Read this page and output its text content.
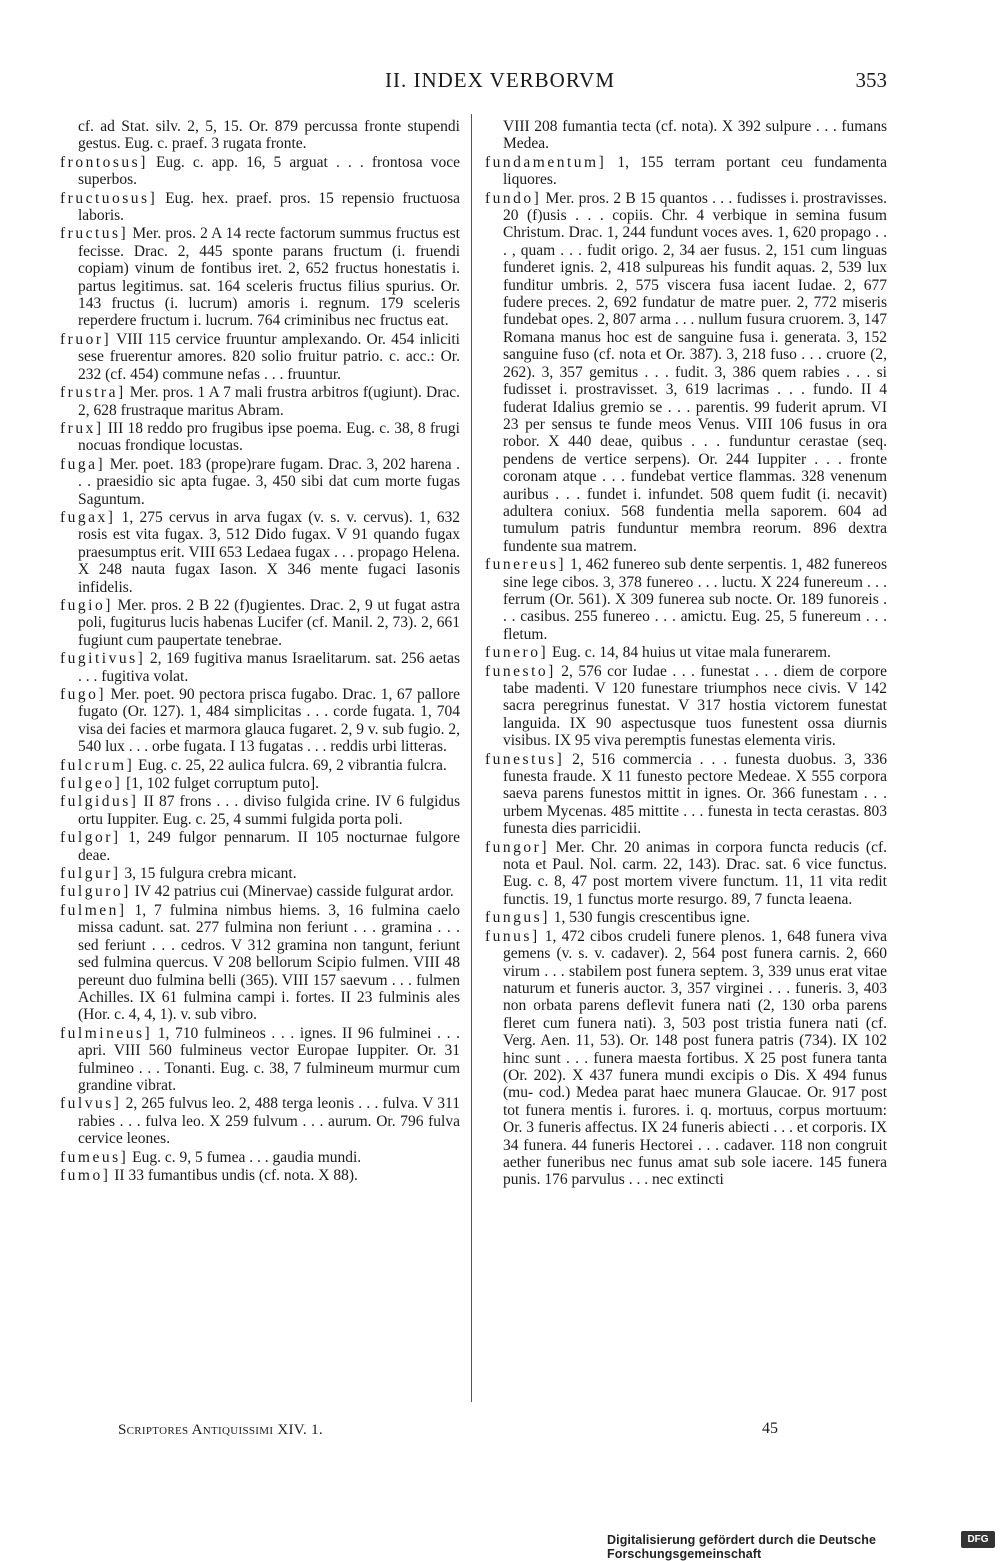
II. INDEX VERBORVM	353

cf. ad Stat. silv. 2, 5, 15. Or. 879 percussa fronte stupendi gestus. Eug. c. praef. 3 rugata fronte.

frontosus] Eug. c. app. 16, 5 arguat . . . frontosa voce superbos.

fructuosus] Eug. hex. praef. pros. 15 repensio fructuosa laboris.

fructus] Mer. pros. 2 A 14 recte factorum summus fructus est fecisse. Drac. 2, 445 sponte parans fructum (i. fruendi copiam) vinum de fontibus iret. 2, 652 fructus honestatis i. partus legitimus. sat. 164 sceleris fructus filius spurius. Or. 143 fructus (i. lucrum) amoris i. regnum. 179 sceleris reperdere fructum i. lucrum. 764 criminibus nec fructus eat.

fruor] VIII 115 cervice fruuntur amplexando. Or. 454 inliciti sese fruerentur amores. 820 solio fruitur patrio. c. acc.: Or. 232 (cf. 454) commune nefas . . . fruuntur.

frustra] Mer. pros. 1 A 7 mali frustra arbitros f(ugiunt). Drac. 2, 628 frustraque maritus Abram.

frux] III 18 reddo pro frugibus ipse poema. Eug. c. 38, 8 frugi nocuas frondique locustas.

fuga] Mer. poet. 183 (prope)rare fugam. Drac. 3, 202 harena . . . praesidio sic apta fugae. 3, 450 sibi dat cum morte fugas Saguntum.

fugax] 1, 275 cervus in arva fugax (v. s. v. cervus). 1, 632 rosis est vita fugax. 3, 512 Dido fugax. V 91 quando fugax praesumptus erit. VIII 653 Ledaea fugax . . . propago Helena. X 248 nauta fugax Iason. X 346 mente fugaci Iasonis infidelis.

fugio] Mer. pros. 2 B 22 (f)ugientes. Drac. 2, 9 ut fugat astra poli, fugiturus lucis habenas Lucifer (cf. Manil. 2, 73). 2, 661 fugiunt cum paupertate tenebrae.

fugitivus] 2, 169 fugitiva manus Israelitarum. sat. 256 aetas . . . fugitiva volat.

fugo] Mer. poet. 90 pectora prisca fugabo. Drac. 1, 67 pallore fugato (Or. 127). 1, 484 simplicitas . . . corde fugata. 1, 704 visa dei facies et marmora glauca fugaret. 2, 9 v. sub fugio. 2, 540 lux . . . orbe fugata. I 13 fugatas . . . reddis urbi litteras.

fulcrum] Eug. c. 25, 22 aulica fulcra. 69, 2 vibrantia fulcra.

fulgeo] [1, 102 fulget corruptum puto].

fulgidus] II 87 frons . . . diviso fulgida crine. IV 6 fulgidus ortu Iuppiter. Eug. c. 25, 4 summi fulgida porta poli.

fulgor] 1, 249 fulgor pennarum. II 105 nocturnae fulgore deae.

fulgur] 3, 15 fulgura crebra micant.

fulguro] IV 42 patrius cui (Minervae) casside fulgurat ardor.

fulmen] 1, 7 fulmina nimbus hiems. 3, 16 fulmina caelo missa cadunt. sat. 277 fulmina non feriunt . . . gramina . . . sed feriunt . . . cedros. V 312 gramina non tangunt, feriunt sed fulmina quercus. V 208 bellorum Scipio fulmen. VIII 48 pereunt duo fulmina belli (365). VIII 157 saevum . . . fulmen Achilles. IX 61 fulmina campi i. fortes. II 23 fulminis ales (Hor. c. 4, 4, 1). v. sub vibro.

fulmineus] 1, 710 fulmineos . . . ignes. II 96 fulminei . . . apri. VIII 560 fulmineus vector Europae Iuppiter. Or. 31 fulmineo . . . Tonanti. Eug. c. 38, 7 fulmineum murmur cum grandine vibrat.

fulvus] 2, 265 fulvus leo. 2, 488 terga leonis . . . fulva. V 311 rabies . . . fulva leo. X 259 fulvum . . . aurum. Or. 796 fulva cervice leones.

fumeus] Eug. c. 9, 5 fumea . . . gaudia mundi.

fumo] II 33 fumantibus undis (cf. nota. X 88).

VIII 208 fumantia tecta (cf. nota). X 392 sulpure . . . fumans Medea.

fundamentum] 1, 155 terram portant ceu fundamenta liquores.

fundo] Mer. pros. 2 B 15 quantos . . . fudisses i. prostravisses. 20 (f)usis . . . copiis. Chr. 4 verbique in semina fusum Christum. Drac. 1, 244 fundunt voces aves. 1, 620 propago . . . , quam . . . fudit origo. 2, 34 aer fusus. 2, 151 cum linguas funderet ignis. 2, 418 sulpureas his fundit aquas. 2, 539 lux funditur umbris. 2, 575 viscera fusa iacent Iudae. 2, 677 fudere preces. 2, 692 fundatur de matre puer. 2, 772 miseris fundebat opes. 2, 807 arma . . . nullum fusura cruorem. 3, 147 Romana manus hoc est de sanguine fusa i. generata. 3, 152 sanguine fuso (cf. nota et Or. 387). 3, 218 fuso . . . cruore (2, 262). 3, 357 gemitus . . . fudit. 3, 386 quem rabies . . . si fudisset i. prostravisset. 3, 619 lacrimas . . . fundo. II 4 fuderat Idalius gremio se . . . parentis. 99 fuderit aprum. VI 23 per sensus te funde meos Venus. VIII 106 fusus in ora robor. X 440 deae, quibus . . . funduntur cerastae (seq. pendens de vertice serpens). Or. 244 Iuppiter . . . fronte coronam atque . . . fundebat vertice flammas. 328 venenum auribus . . . fundet i. infundet. 508 quem fudit (i. necavit) adultera coniux. 568 fundentia mella saporem. 604 ad tumulum patris funduntur membra reorum. 896 dextra fundente sua matrem.

funereus] 1, 462 funereo sub dente serpentis. 1, 482 funereos sine lege cibos. 3, 378 funereo . . . luctu. X 224 funereum . . . ferrum (Or. 561). X 309 funerea sub nocte. Or. 189 funoreis . . . casibus. 255 funereo . . . amictu. Eug. 25, 5 funereum . . . fletum.

funero] Eug. c. 14, 84 huius ut vitae mala funerarem.

funesto] 2, 576 cor Iudae . . . funestat . . . diem de corpore tabe madenti. V 120 funestare triumphos nece civis. V 142 sacra peregrinus funestat. V 317 hostia victorem funestat languida. IX 90 aspectusque tuos funestent ossa diurnis visibus. IX 95 viva peremptis funestas elementa viris.

funestus] 2, 516 commercia . . . funesta duobus. 3, 336 funesta fraude. X 11 funesto pectore Medeae. X 555 corpora saeva parens funestos mittit in ignes. Or. 366 funestam . . . urbem Mycenas. 485 mittite . . . funesta in tecta cerastas. 803 funesta dies parricidii.

fungor] Mer. Chr. 20 animas in corpora functa reducis (cf. nota et Paul. Nol. carm. 22, 143). Drac. sat. 6 vice functus. Eug. c. 8, 47 post mortem vivere functum. 11, 11 vita redit functis. 19, 1 functus morte resurgo. 89, 7 functa leaena.

fungus] 1, 530 fungis crescentibus igne.

funus] 1, 472 cibos crudeli funere plenos. 1, 648 funera viva gemens (v. s. v. cadaver). 2, 564 post funera carnis. 2, 660 virum . . . stabilem post funera septem. 3, 339 unus erat vitae naturum et funeris auctor. 3, 357 virginei . . . funeris. 3, 403 non orbata parens deflevit funera nati (2, 130 orba parens fleret cum funera nati). 3, 503 post tristia funera nati (cf. Verg. Aen. 11, 53). Or. 148 post funera patris (734). IX 102 hinc sunt . . . funera maesta fortibus. X 25 post funera tanta (Or. 202). X 437 funera mundi excipis o Dis. X 494 funus (mu- cod.) Medea parat haec munera Glaucae. Or. 917 post tot funera mentis i. furores. i. q. mortuus, corpus mortuum: Or. 3 funeris affectus. IX 24 funeris abiecti . . . et corporis. IX 34 funera. 44 funeris Hectorei . . . cadaver. 118 non congruit aether funeribus nec funus amat sub sole iacere. 145 funera punis. 176 parvulus . . . nec extincti

Scriptores Antiquissimi XIV. 1.	45
Digitalisierung gefördert durch die Deutsche Forschungsgemeinschaft
DFG
